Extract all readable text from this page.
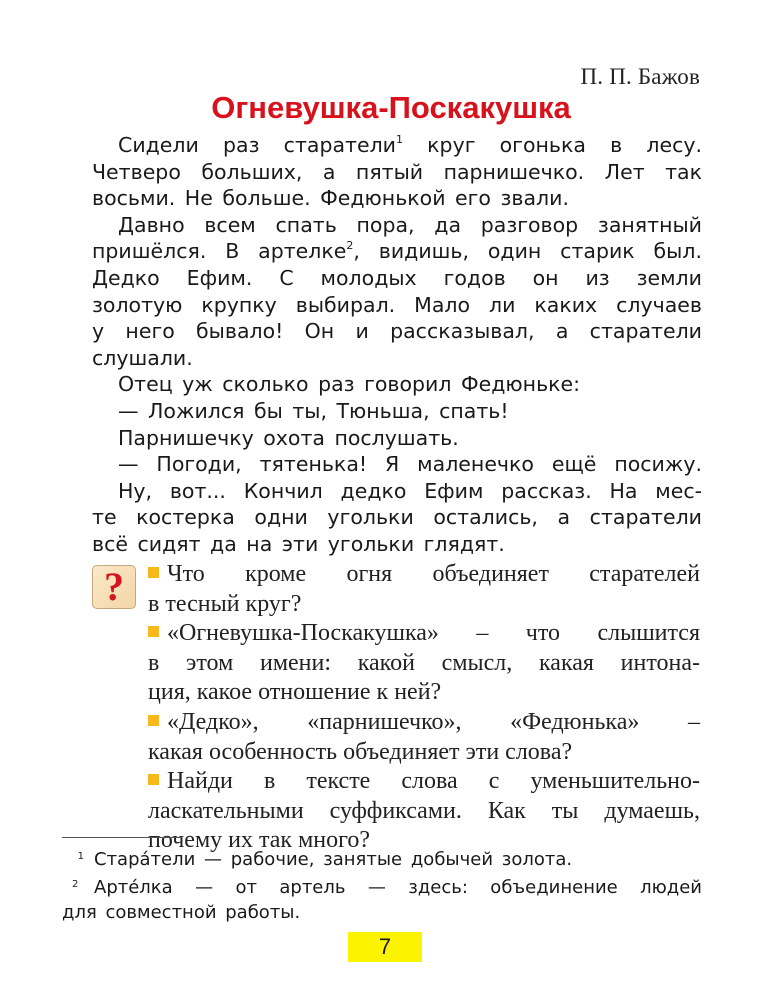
П. П. Бажов
Огневушка-Поскакушка
Сидели раз старатели$^1$ круг огонька в лесу.
Четверо больших, а пятый парнишечко. Лет так
восьми. Не больше. Федюнькой его звали.
Давно всем спать пора, да разговор занятный
пришёлся. В артелке$^2$, видишь, один старик был.
Дедко Ефим. С молодых годов он из земли
золотую крупку выбирал. Мало ли каких случаев
у него бывало! Он и рассказывал, а старатели
слушали.
Отец уж сколько раз говорил Федюньке:
— Ложился бы ты, Тюньша, спать!
Парнишечку охота послушать.
— Погоди, тятенька! Я маленечко ещё посижу.
Ну, вот... Кончил дедко Ефим рассказ. На мес-
те костерка одни угольки остались, а старатели
всё сидят да на эти угольки глядят.
?	Что кроме огня объединяет старателей
в тесный круг?
«Огневушка-Поскакушка» – что слышится
в этом имени: какой смысл, какая интона-
ция, какое отношение к ней?
«Дедко», «парнишечко», «Федюнька» –
какая особенность объединяет эти слова?
Найди в тексте слова с уменьшительно-
ласкательными суффиксами. Как ты думаешь,
почему их так много?
1 Стара́тели — рабочие, занятые добычей золота.
2 Арте́лка — от артель — здесь: объединение людей
для совместной работы.
7
